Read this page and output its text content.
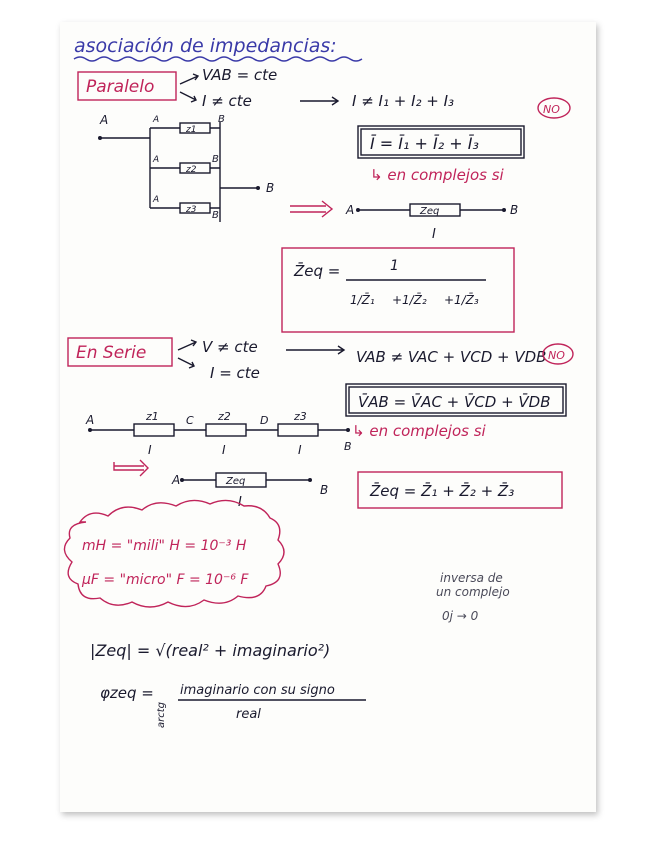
asociación de impedancias:
Paralelo
VAB = cte
I ≠ cte	I ≠ I₁ + I₂ + I₃	NO
Ī = Ī₁ + Ī₂ + Ī₃
↳ en complejos si
A
z1
z2
z3
A
A
A
B
B
B
B
A	Zeq	B
I
Z̄eq =	1
1/Z̄₁ + 1/Z̄₂ + 1/Z̄₃
En Serie	V ≠ cte
I = cte
VAB ≠ VAC + VCD + VDB NO
V̄AB = V̄AC + V̄CD + V̄DB
↳ en complejos si
A	z1	z2	z3
C	D
B
I	I	I
A	Zeq
B
I
Z̄eq = Z̄₁ + Z̄₂ + Z̄₃
mH = "mili" H = 10⁻³ H
μF = "micro" F = 10⁻⁶ F	inversa de
un complejo
0j → 0
|Zeq| = √(real² + imaginario²)
φzeq =
arctg
imaginario con su signo
real
